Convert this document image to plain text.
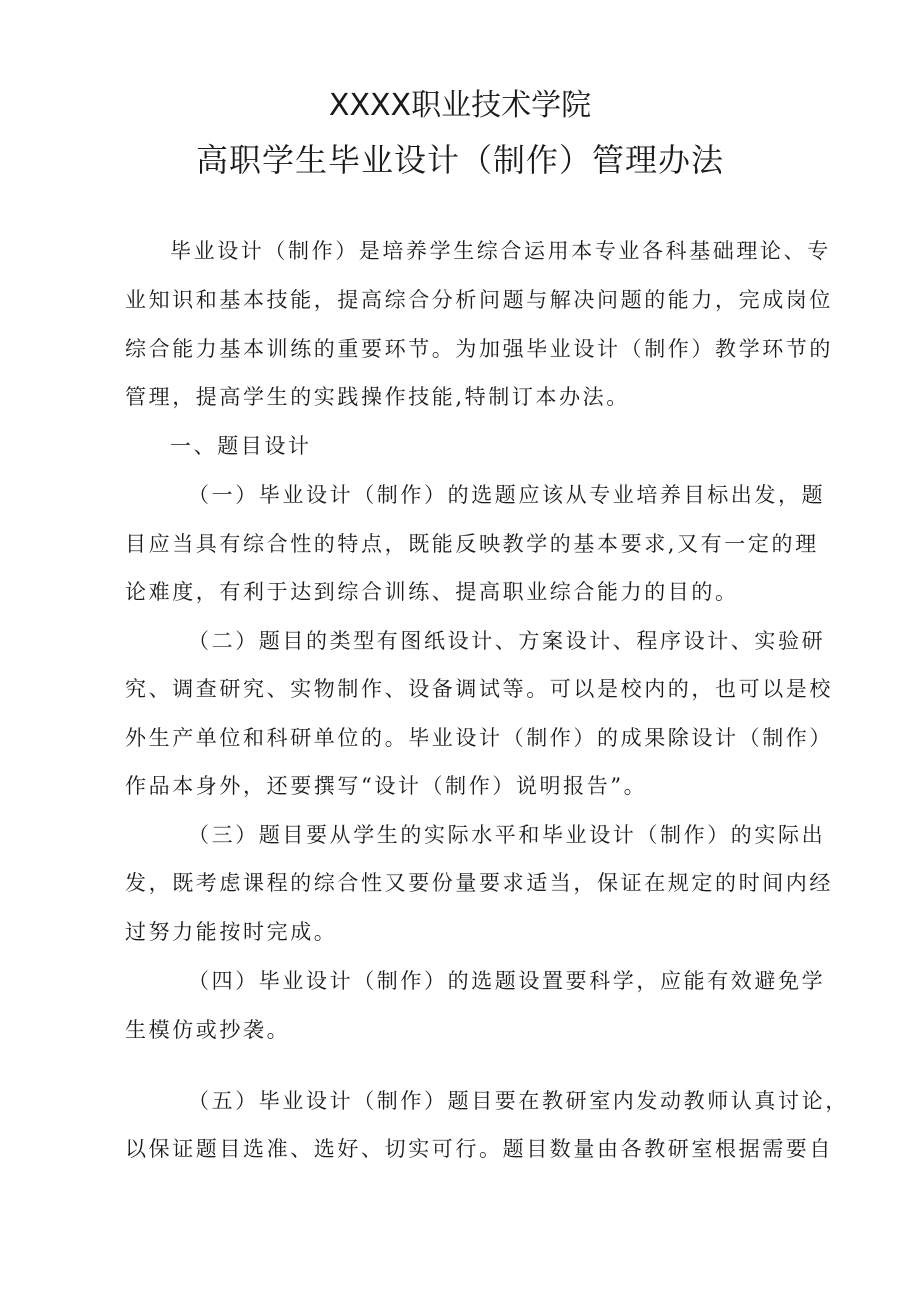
XXXX职业技术学院
高职学生毕业设计（制作）管理办法
毕业设计（制作）是培养学生综合运用本专业各科基础理论、专
业知识和基本技能，提高综合分析问题与解决问题的能力，完成岗位
综合能力基本训练的重要环节。为加强毕业设计（制作）教学环节的
管理，提高学生的实践操作技能,特制订本办法。
一、题目设计
（一）毕业设计（制作）的选题应该从专业培养目标出发，题
目应当具有综合性的特点，既能反映教学的基本要求,又有一定的理
论难度，有利于达到综合训练、提高职业综合能力的目的。
（二）题目的类型有图纸设计、方案设计、程序设计、实验研
究、调查研究、实物制作、设备调试等。可以是校内的，也可以是校
外生产单位和科研单位的。毕业设计（制作）的成果除设计（制作）
作品本身外，还要撰写“设计（制作）说明报告”。
（三）题目要从学生的实际水平和毕业设计（制作）的实际出
发，既考虑课程的综合性又要份量要求适当，保证在规定的时间内经
过努力能按时完成。
（四）毕业设计（制作）的选题设置要科学，应能有效避免学
生模仿或抄袭。
（五）毕业设计（制作）题目要在教研室内发动教师认真讨论，
以保证题目选准、选好、切实可行。题目数量由各教研室根据需要自
